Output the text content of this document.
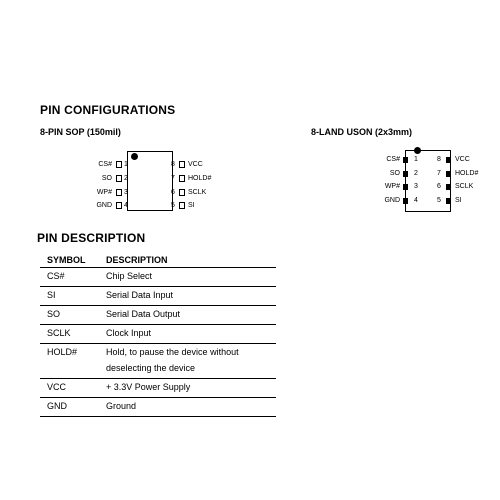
PIN CONFIGURATIONS
8-PIN SOP (150mil)
CS# 1
SO 2
WP# 3
GND 4
8 VCC
7 HOLD#
6 SCLK
5 SI
8-LAND USON (2x3mm)
CS# 1
SO 2
WP# 3
GND 4
8 VCC
7 HOLD#
6 SCLK
5 SI
PIN DESCRIPTION
SYMBOL	DESCRIPTION
CS#	Chip Select
SI	Serial Data Input
SO	Serial Data Output
SCLK	Clock Input
HOLD#	Hold, to pause the device without
deselecting the device

VCC	+ 3.3V Power Supply
GND	Ground
